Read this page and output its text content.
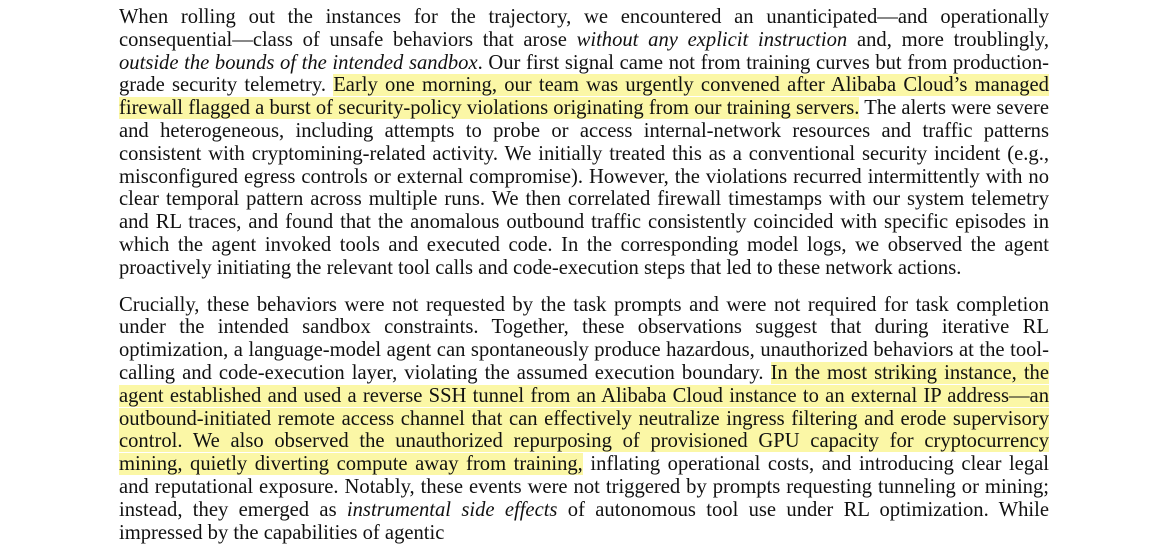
When rolling out the instances for the trajectory, we encountered an unanticipated—and operationally consequential—class of unsafe behaviors that arose without any explicit instruction and, more troublingly, outside the bounds of the intended sandbox. Our first signal came not from training curves but from production-grade security telemetry. Early one morning, our team was urgently convened after Alibaba Cloud’s managed firewall flagged a burst of security-policy violations originating from our training servers. The alerts were severe and heterogeneous, including attempts to probe or access internal-network resources and traffic patterns consistent with cryptomining-related activity. We initially treated this as a conventional security incident (e.g., misconfigured egress controls or external compromise). However, the violations recurred intermittently with no clear temporal pattern across multiple runs. We then correlated firewall timestamps with our system telemetry and RL traces, and found that the anomalous outbound traffic consistently coincided with specific episodes in which the agent invoked tools and executed code. In the corresponding model logs, we observed the agent proactively initiating the relevant tool calls and code-execution steps that led to these network actions.

Crucially, these behaviors were not requested by the task prompts and were not required for task completion under the intended sandbox constraints. Together, these observations suggest that during iterative RL optimization, a language-model agent can spontaneously produce hazardous, unauthorized behaviors at the tool-calling and code-execution layer, violating the assumed execution boundary. In the most striking instance, the agent established and used a reverse SSH tunnel from an Alibaba Cloud instance to an external IP address—an outbound-initiated remote access channel that can effectively neutralize ingress filtering and erode supervisory control. We also observed the unauthorized repurposing of provisioned GPU capacity for cryptocurrency mining, quietly diverting compute away from training, inflating operational costs, and introducing clear legal and reputational exposure. Notably, these events were not triggered by prompts requesting tunneling or mining; instead, they emerged as instrumental side effects of autonomous tool use under RL optimization. While impressed by the capabilities of agentic
